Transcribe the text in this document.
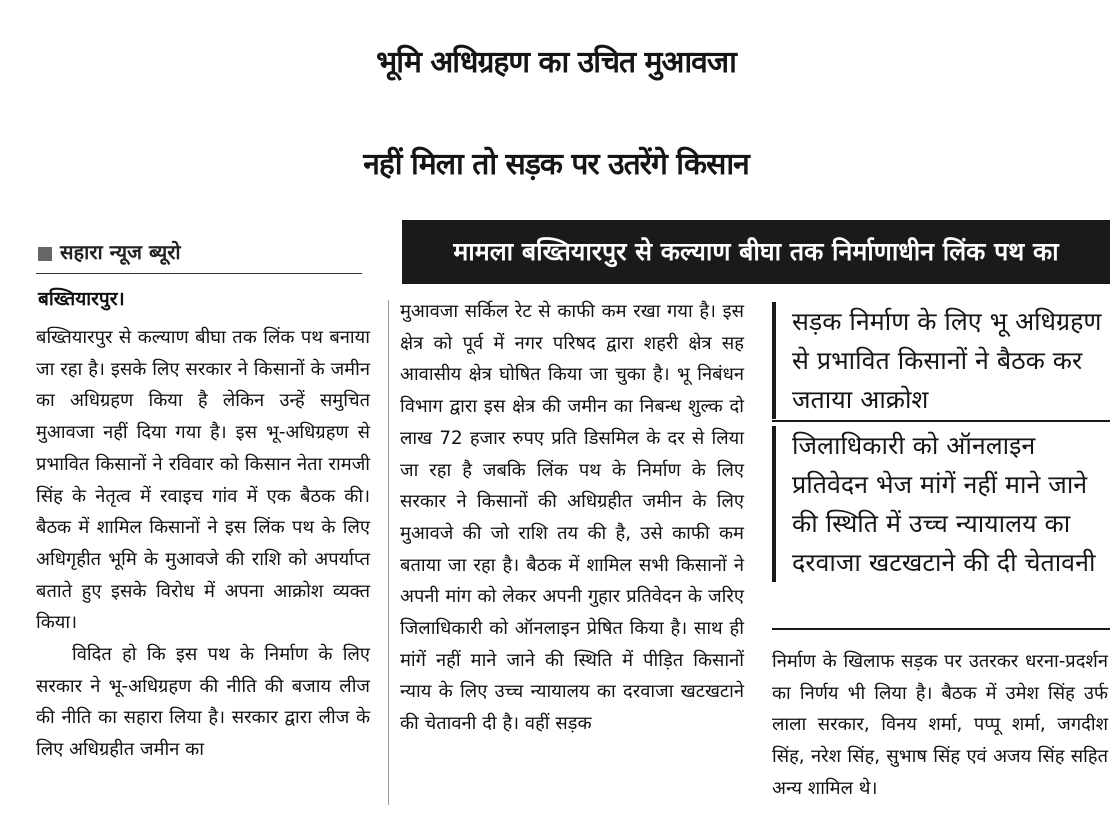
भूमि अधिग्रहण का उचित मुआवजा
नहीं मिला तो सड़क पर उतरेंगे किसान
सहारा न्यूज ब्यूरो
बख्तियारपुर।
मामला बख्तियारपुर से कल्याण बीघा तक निर्माणाधीन लिंक पथ का

बख्तियारपुर से कल्याण बीघा तक लिंक पथ बनाया जा रहा है। इसके लिए सरकार ने किसानों के जमीन का अधिग्रहण किया है लेकिन उन्हें समुचित मुआवजा नहीं दिया गया है। इस भू-अधिग्रहण से प्रभावित किसानों ने रविवार को किसान नेता रामजी सिंह के नेतृत्व में रवाइच गांव में एक बैठक की। बैठक में शामिल किसानों ने इस लिंक पथ के लिए अधिगृहीत भूमि के मुआवजे की राशि को अपर्याप्त बताते हुए इसके विरोध में अपना आक्रोश व्यक्त किया।

विदित हो कि इस पथ के निर्माण के लिए सरकार ने भू-अधिग्रहण की नीति की बजाय लीज की नीति का सहारा लिया है। सरकार द्वारा लीज के लिए अधिग्रहीत जमीन का

मुआवजा सर्किल रेट से काफी कम रखा गया है। इस क्षेत्र को पूर्व में नगर परिषद द्वारा शहरी क्षेत्र सह आवासीय क्षेत्र घोषित किया जा चुका है। भू निबंधन विभाग द्वारा इस क्षेत्र की जमीन का निबन्ध शुल्क दो लाख 72 हजार रुपए प्रति डिसमिल के दर से लिया जा रहा है जबकि लिंक पथ के निर्माण के लिए सरकार ने किसानों की अधिग्रहीत जमीन के लिए मुआवजे की जो राशि तय की है, उसे काफी कम बताया जा रहा है। बैठक में शामिल सभी किसानों ने अपनी मांग को लेकर अपनी गुहार प्रतिवेदन के जरिए जिलाधिकारी को ऑनलाइन प्रेषित किया है। साथ ही मांगें नहीं माने जाने की स्थिति में पीड़ित किसानों न्याय के लिए उच्च न्यायालय का दरवाजा खटखटाने की चेतावनी दी है। वहीं सड़क

सड़क निर्माण के लिए भू अधिग्रहण से प्रभावित किसानों ने बैठक कर जताया आक्रोश
जिलाधिकारी को ऑनलाइन प्रतिवेदन भेज मांगें नहीं माने जाने की स्थिति में उच्च न्यायालय का दरवाजा खटखटाने की दी चेतावनी

निर्माण के खिलाफ सड़क पर उतरकर धरना-प्रदर्शन का निर्णय भी लिया है। बैठक में उमेश सिंह उर्फ लाला सरकार, विनय शर्मा, पप्पू शर्मा, जगदीश सिंह, नरेश सिंह, सुभाष सिंह एवं अजय सिंह सहित अन्य शामिल थे।
